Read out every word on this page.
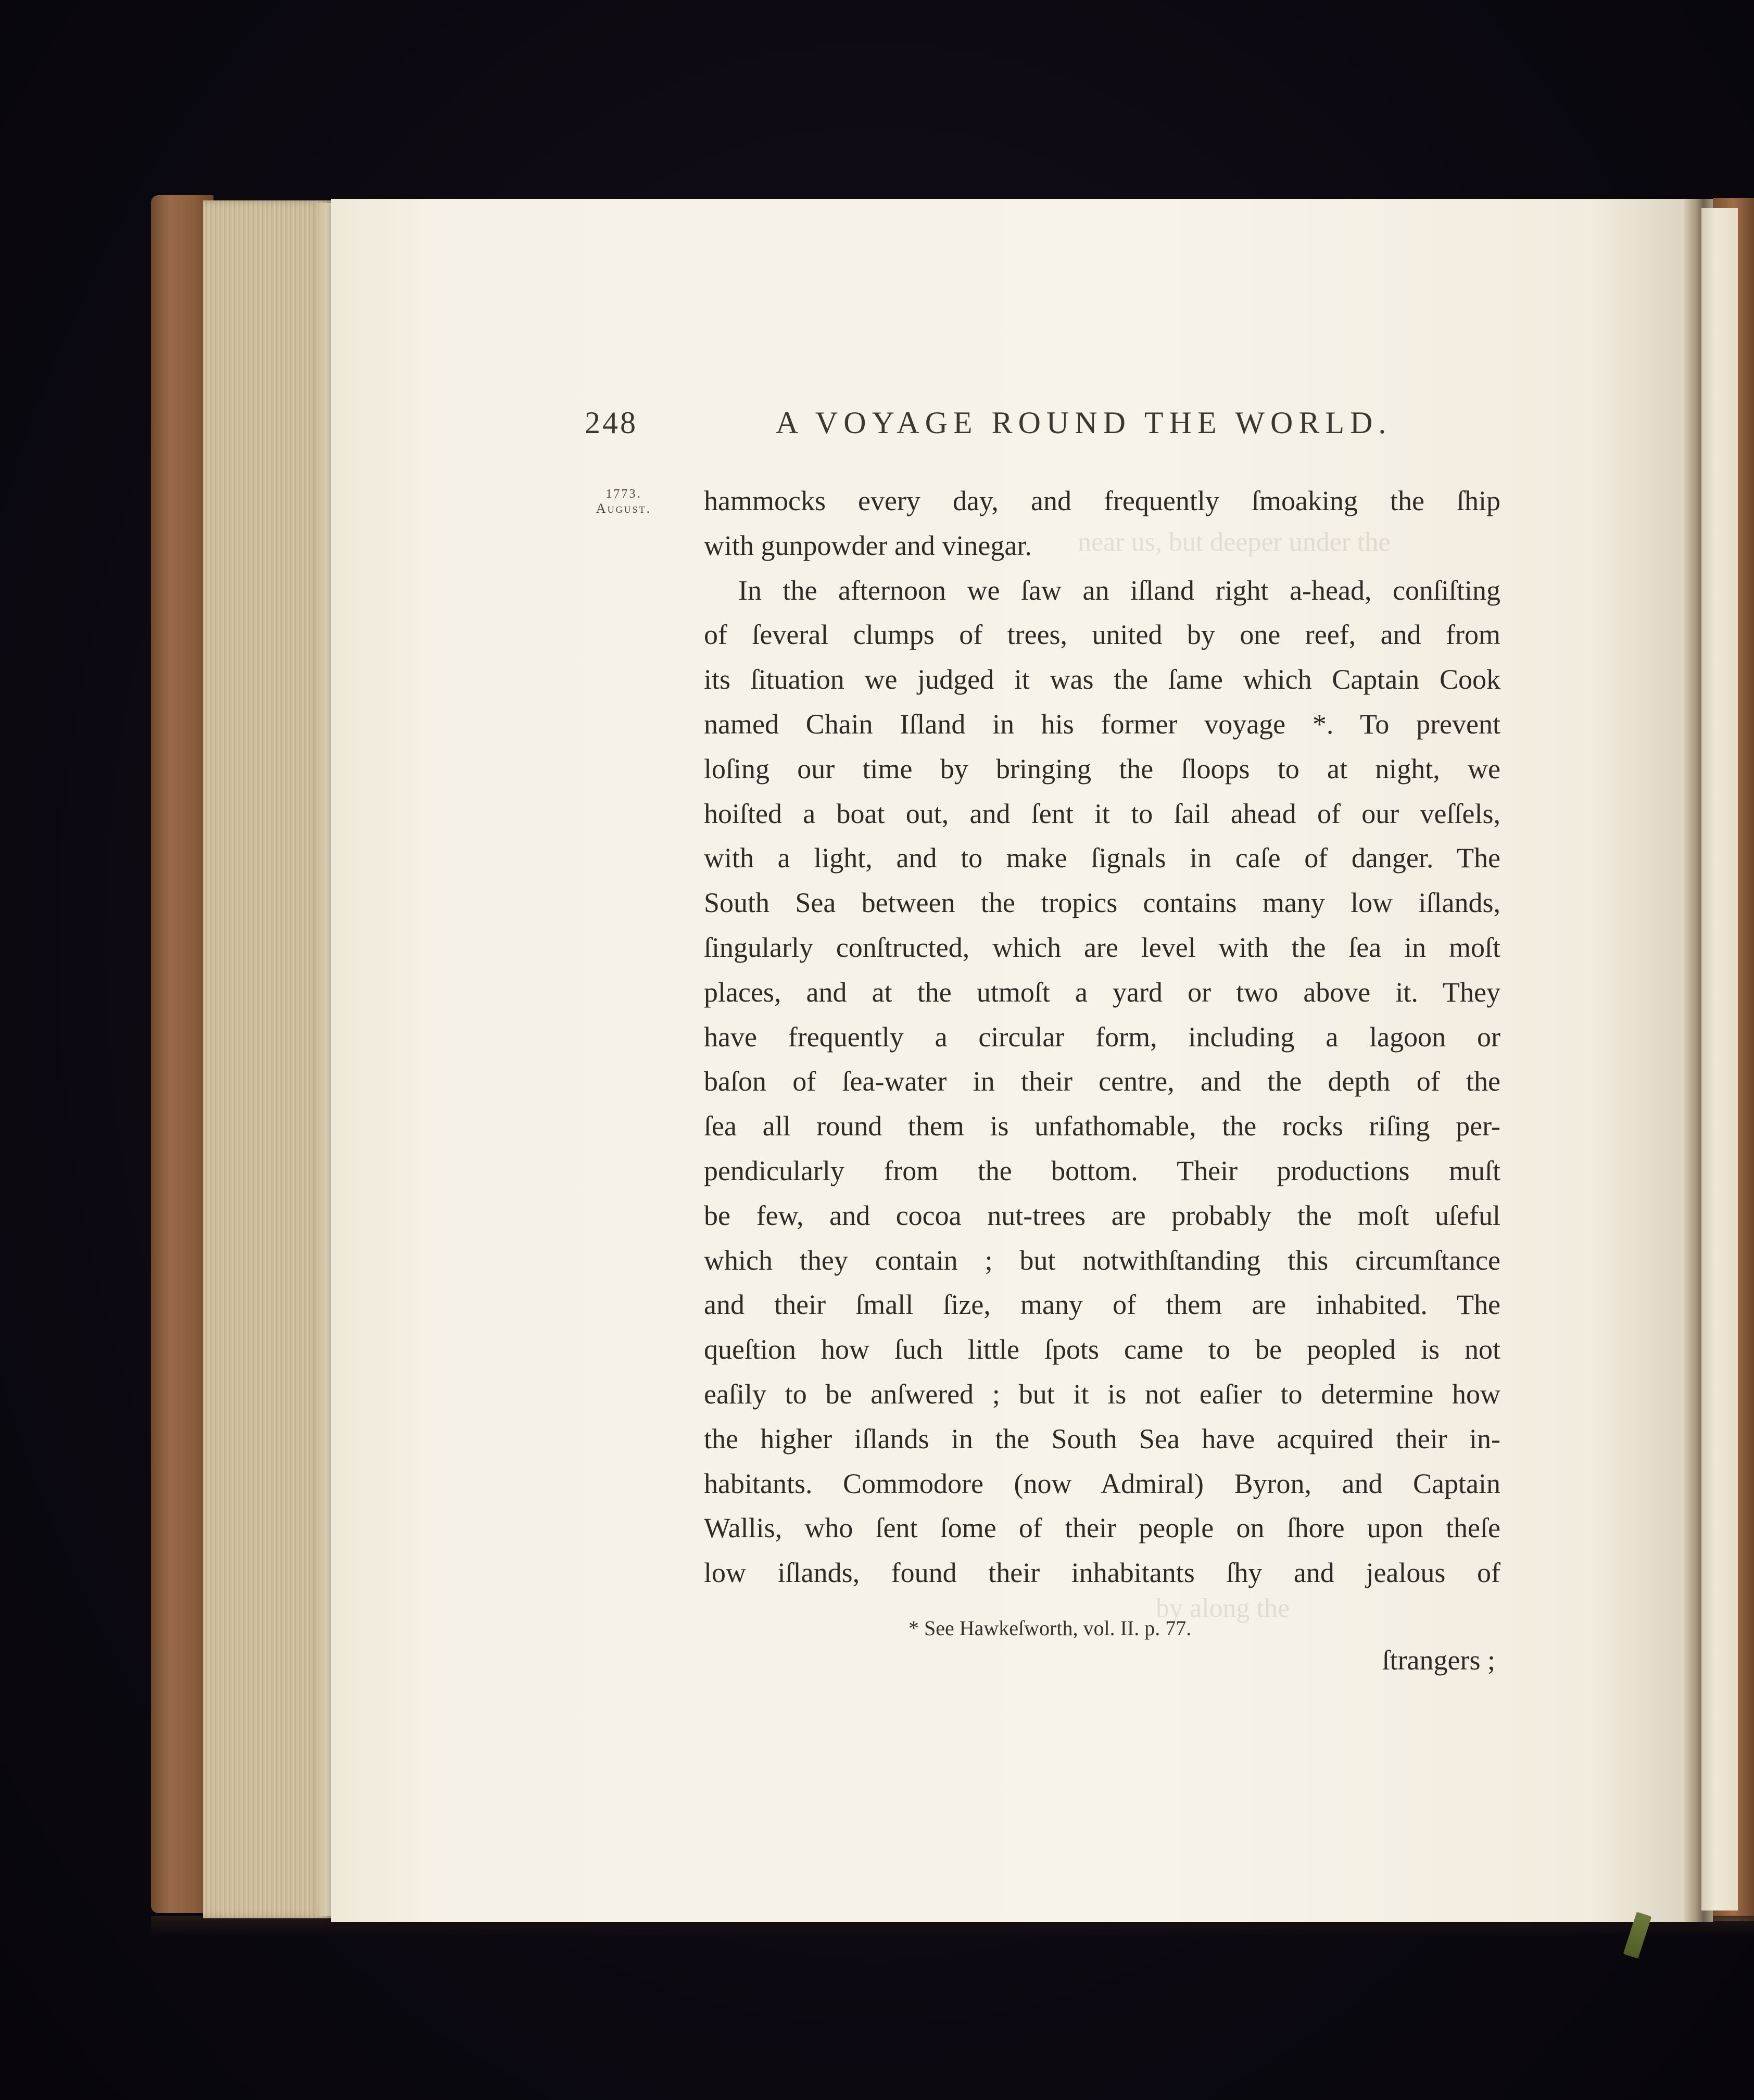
near us, but deeper under the
by along the
248	A VOYAGE ROUND THE WORLD.
1773.
August.	hammocks every day, and frequently ſmoaking the ſhip
with gunpowder and vinegar.
In the afternoon we ſaw an iſland right a-head, conſiſting
of ſeveral clumps of trees, united by one reef, and from
its ſituation we judged it was the ſame which Captain Cook
named Chain Iſland in his former voyage *. To prevent
loſing our time by bringing the ſloops to at night, we
hoiſted a boat out, and ſent it to ſail ahead of our veſſels,
with a light, and to make ſignals in caſe of danger. The
South Sea between the tropics contains many low iſlands,
ſingularly conſtructed, which are level with the ſea in moſt
places, and at the utmoſt a yard or two above it. They
have frequently a circular form, including a lagoon or
baſon of ſea-water in their centre, and the depth of the
ſea all round them is unfathomable, the rocks riſing per-
pendicularly from the bottom. Their productions muſt
be few, and cocoa nut-trees are probably the moſt uſeful
which they contain ; but notwithſtanding this circumſtance
and their ſmall ſize, many of them are inhabited. The
queſtion how ſuch little ſpots came to be peopled is not
eaſily to be anſwered ; but it is not eaſier to determine how
the higher iſlands in the South Sea have acquired their in-
habitants. Commodore (now Admiral) Byron, and Captain
Wallis, who ſent ſome of their people on ſhore upon theſe
low iſlands, found their inhabitants ſhy and jealous of
* See Hawkeſworth, vol. II. p. 77.
ſtrangers ;
